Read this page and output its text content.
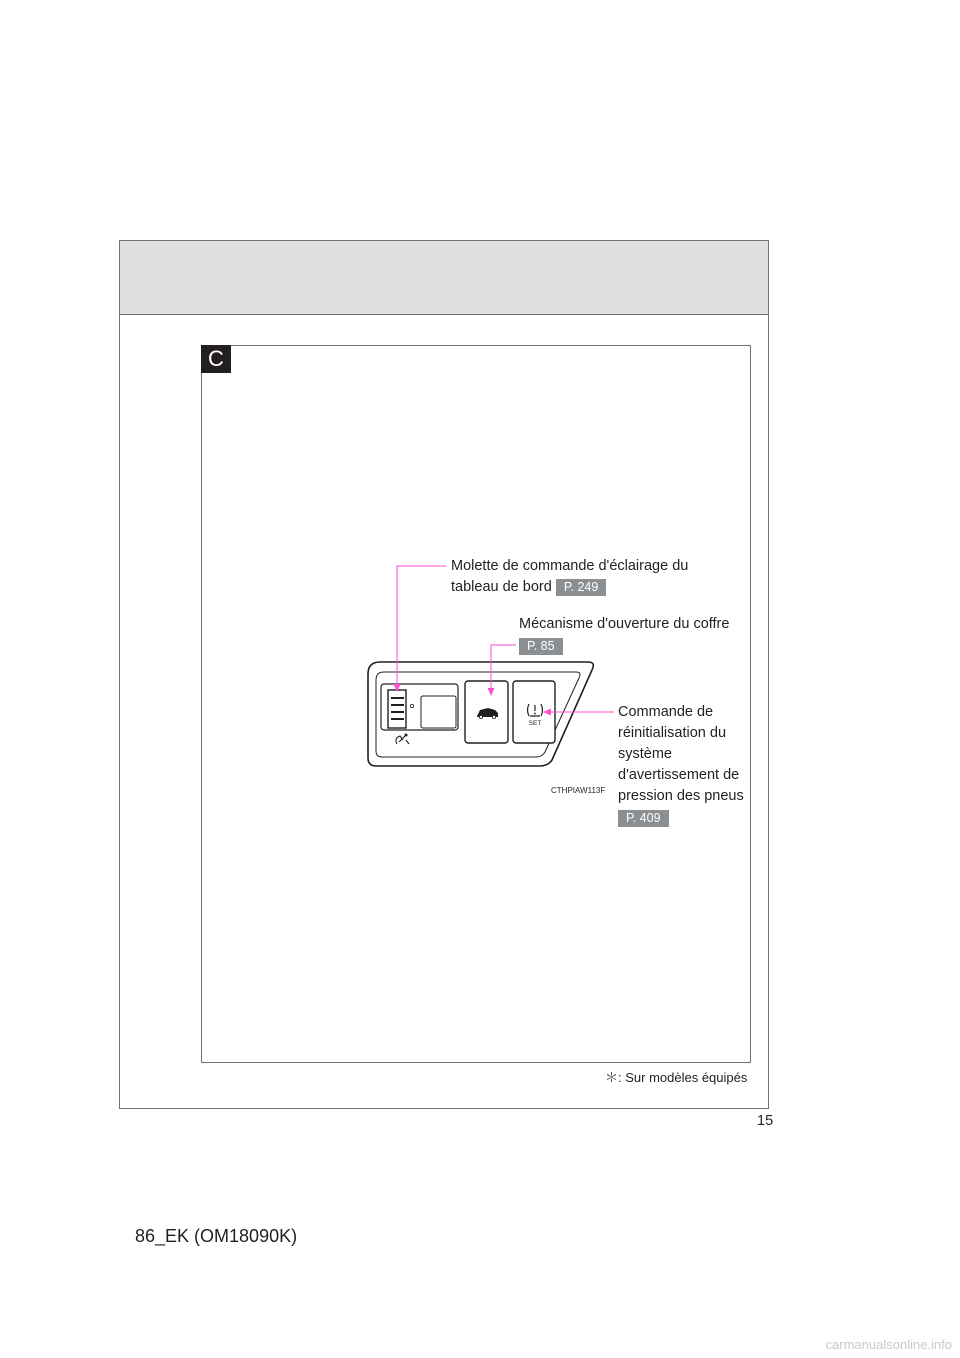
C
Molette de commande d'éclairage du
tableau de bord P. 249
Mécanisme d'ouverture du coffre
P. 85
Commande de
réinitialisation du
système
d'avertissement de
pression des pneus
P. 409
CTHPIAW113F
SET
＊: Sur modèles équipés
15
86_EK (OM18090K)
carmanualsonline.info
